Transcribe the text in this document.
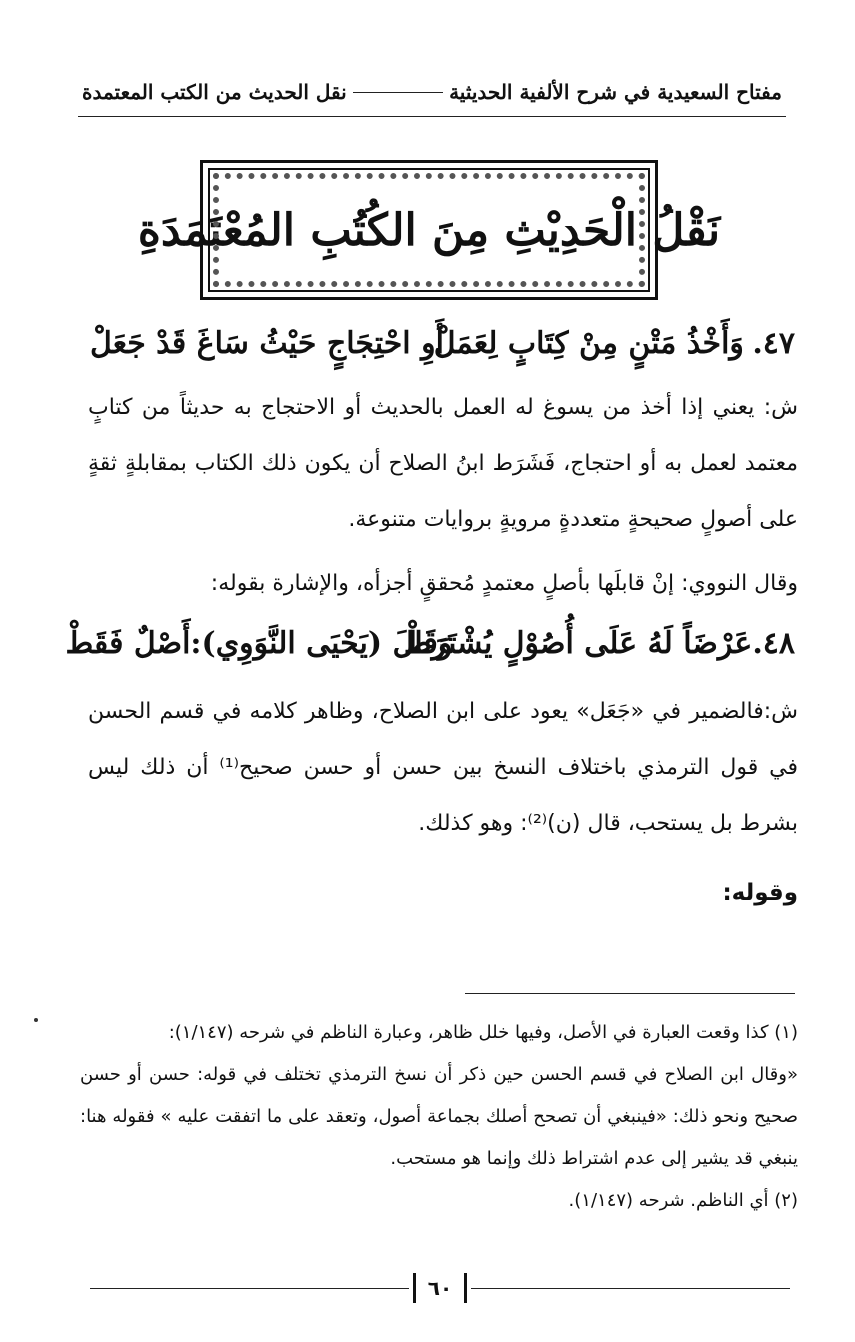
مفتاح السعيدية في شرح الألفية الحديثية
نقل الحديث من الكتب المعتمدة
نَقْلُ الْحَدِيْثِ مِنَ الكُتُبِ المُعْتَمَدَةِ
٤٧.
وَأَخْذُ مَتْنٍ مِنْ كِتَابٍ لِعَمَلْ
أَوِ احْتِجَاجٍ حَيْثُ سَاغَ قَدْ جَعَلْ
ش: يعني إذا أخذ من يسوغ له العمل بالحديث أو الاحتجاج به حديثاً من كتابٍ معتمد لعمل به أو احتجاج، فَشَرَط ابنُ الصلاح أن يكون ذلك الكتاب بمقابلةٍ ثقةٍ على أصولٍ صحيحةٍ متعددةٍ مرويةٍ بروايات متنوعة.
وقال النووي: إنْ قابلَها بأصلٍ معتمدٍ مُحققٍ أجزأه، والإشارة بقوله:
٤٨.
عَرْضَاً لَهُ عَلَى أُصُوْلٍ يُشْتَرَطْ
وَقَالَ (يَحْيَى النَّوَوِي):أَصْلٌ فَقَطْ
ش:فالضمير في «جَعَل» يعود على ابن الصلاح، وظاهر كلامه في قسم الحسن في قول الترمذي باختلاف النسخ بين حسن أو حسن صحيح⁽¹⁾ أن ذلك ليس بشرط بل يستحب، قال (ن)⁽²⁾: وهو كذلك.
وقوله:

(١) كذا وقعت العبارة في الأصل، وفيها خلل ظاهر، وعبارة الناظم في شرحه (١/١٤٧):

«وقال ابن الصلاح في قسم الحسن حين ذكر أن نسخ الترمذي تختلف في قوله: حسن أو حسن صحيح ونحو ذلك: «فينبغي أن تصحح أصلك بجماعة أصول، وتعقد على ما اتفقت عليه » فقوله هنا: ينبغي قد يشير إلى عدم اشتراط ذلك وإنما هو مستحب.

(٢) أي الناظم. شرحه (١/١٤٧).

٦٠
